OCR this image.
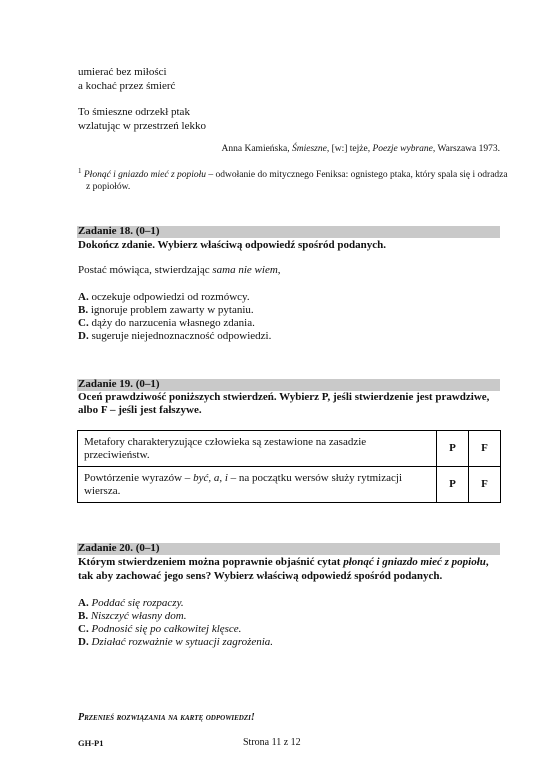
umierać bez miłości
a kochać przez śmierć
To śmieszne odrzekł ptak
wzlatując w przestrzeń lekko
Anna Kamieńska, Śmieszne, [w:] tejże, Poezje wybrane, Warszawa 1973.
$^1$ Płonąć i gniazdo mieć z popiołu – odwołanie do mitycznego Feniksa: ognistego ptaka, który spala się i odradza
z popiołów.
Zadanie 18. (0–1)
Dokończ zdanie. Wybierz właściwą odpowiedź spośród podanych.
Postać mówiąca, stwierdzając sama nie wiem,
A. oczekuje odpowiedzi od rozmówcy.
B. ignoruje problem zawarty w pytaniu.
C. dąży do narzucenia własnego zdania.
D. sugeruje niejednoznaczność odpowiedzi.
Zadanie 19. (0–1)
Oceń prawdziwość poniższych stwierdzeń. Wybierz P, jeśli stwierdzenie jest prawdziwe,
albo F – jeśli jest fałszywe.
Metafory charakteryzujące człowieka są zestawione na zasadzie
przeciwieństw.	P	F
Powtórzenie wyrazów – być, a, i – na początku wersów służy rytmizacji
wiersza.	P	F
Zadanie 20. (0–1)
Którym stwierdzeniem można poprawnie objaśnić cytat płonąć i gniazdo mieć z popiołu,
tak aby zachować jego sens? Wybierz właściwą odpowiedź spośród podanych.
A. Poddać się rozpaczy.
B. Niszczyć własny dom.
C. Podnosić się po całkowitej klęsce.
D. Działać rozważnie w sytuacji zagrożenia.
Przenieś rozwiązania na kartę odpowiedzi!
GH-P1	Strona 11 z 12
